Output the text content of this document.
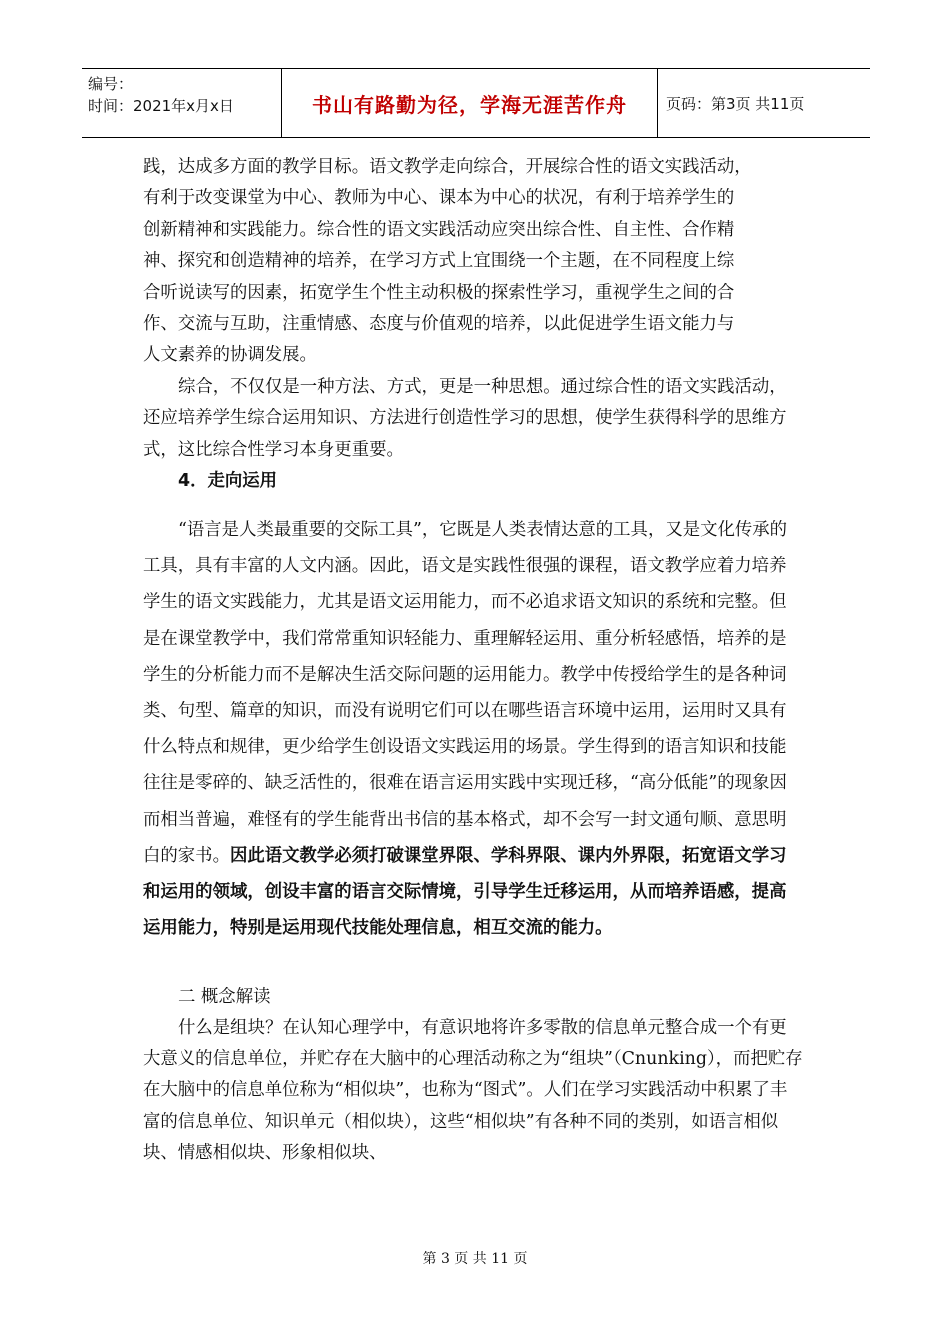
编号：
时间：2021年x月x日	书山有路勤为径，学海无涯苦作舟	页码：第3页 共11页
践，达成多方面的教学目标。语文教学走向综合，开展综合性的语文实践活动，
有利于改变课堂为中心、教师为中心、课本为中心的状况，有利于培养学生的
创新精神和实践能力。综合性的语文实践活动应突出综合性、自主性、合作精
神、探究和创造精神的培养，在学习方式上宜围绕一个主题，在不同程度上综
合听说读写的因素，拓宽学生个性主动积极的探索性学习，重视学生之间的合
作、交流与互助，注重情感、态度与价值观的培养，以此促进学生语文能力与
人文素养的协调发展。
综合，不仅仅是一种方法、方式，更是一种思想。通过综合性的语文实践活动，还应培养学生综合运用知识、方法进行创造性学习的思想，使学生获得科学的思维方式，这比综合性学习本身更重要。
4．走向运用
“语言是人类最重要的交际工具”，它既是人类表情达意的工具，又是文化传承的工具，具有丰富的人文内涵。因此，语文是实践性很强的课程，语文教学应着力培养学生的语文实践能力，尤其是语文运用能力，而不必追求语文知识的系统和完整。但是在课堂教学中，我们常常重知识轻能力、重理解轻运用、重分析轻感悟，培养的是学生的分析能力而不是解决生活交际问题的运用能力。教学中传授给学生的是各种词类、句型、篇章的知识，而没有说明它们可以在哪些语言环境中运用，运用时又具有什么特点和规律，更少给学生创设语文实践运用的场景。学生得到的语言知识和技能往往是零碎的、缺乏活性的，很难在语言运用实践中实现迁移，“高分低能”的现象因而相当普遍，难怪有的学生能背出书信的基本格式，却不会写一封文通句顺、意思明白的家书。因此语文教学必须打破课堂界限、学科界限、课内外界限，拓宽语文学习和运用的领域，创设丰富的语言交际情境，引导学生迁移运用，从而培养语感，提高运用能力，特别是运用现代技能处理信息，相互交流的能力。
二 概念解读
什么是组块？在认知心理学中，有意识地将许多零散的信息单元整合成一个有更大意义的信息单位，并贮存在大脑中的心理活动称之为“组块”（Cnunking），而把贮存在大脑中的信息单位称为“相似块”，也称为“图式”。人们在学习实践活动中积累了丰富的信息单位、知识单元（相似块），这些“相似块”有各种不同的类别，如语言相似块、情感相似块、形象相似块、
第 3 页 共 11 页
